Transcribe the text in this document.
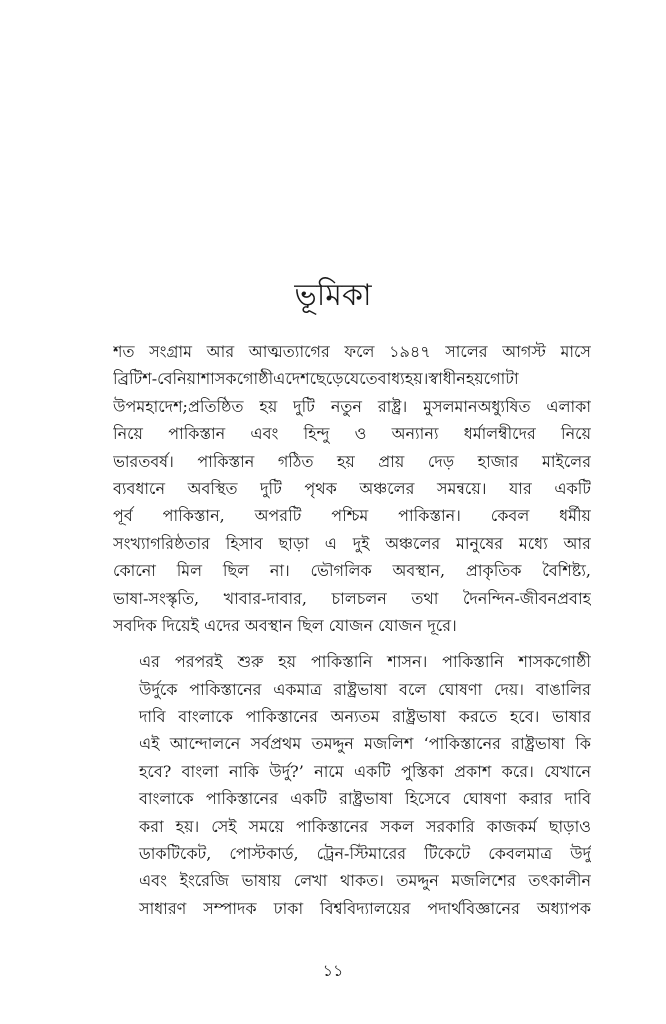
ভূমিকা

শত সংগ্রাম আর আত্মত্যাগের ফলে ১৯৪৭ সালের আগস্ট মাসে
ব্রিটিশ-বেনিয়াশাসকগোষ্ঠীএদেশছেড়েযেতেবাধ্যহয়।স্বাধীনহয়গোটা
উপমহাদেশ;প্রতিষ্ঠিত হয় দুটি নতুন রাষ্ট্র। মুসলমানঅধ্যুষিত এলাকা
নিয়ে পাকিস্তান এবং হিন্দু ও অন্যান্য ধর্মালম্বীদের নিয়ে
ভারতবর্ষ। পাকিস্তান গঠিত হয় প্রায় দেড় হাজার মাইলের
ব্যবধানে অবস্থিত দুটি পৃথক অঞ্চলের সমন্বয়ে। যার একটি
পূর্ব পাকিস্তান, অপরটি পশ্চিম পাকিস্তান। কেবল ধর্মীয়
সংখ্যাগরিষ্ঠতার হিসাব ছাড়া এ দুই অঞ্চলের মানুষের মধ্যে আর
কোনো মিল ছিল না। ভৌগলিক অবস্থান, প্রাকৃতিক বৈশিষ্ট্য,
ভাষা-সংস্কৃতি, খাবার-দাবার, চালচলন তথা দৈনন্দিন-জীবনপ্রবাহ
সবদিক দিয়েই এদের অবস্থান ছিল যোজন যোজন দূরে।

এর পরপরই শুরু হয় পাকিস্তানি শাসন। পাকিস্তানি শাসকগোষ্ঠী
উর্দুকে পাকিস্তানের একমাত্র রাষ্ট্রভাষা বলে ঘোষণা দেয়। বাঙালির
দাবি বাংলাকে পাকিস্তানের অন্যতম রাষ্ট্রভাষা করতে হবে। ভাষার
এই আন্দোলনে সর্বপ্রথম তমদ্দুন মজলিশ ‘পাকিস্তানের রাষ্ট্রভাষা কি
হবে? বাংলা নাকি উর্দু?’ নামে একটি পুস্তিকা প্রকাশ করে। যেখানে
বাংলাকে পাকিস্তানের একটি রাষ্ট্রভাষা হিসেবে ঘোষণা করার দাবি
করা হয়। সেই সময়ে পাকিস্তানের সকল সরকারি কাজকর্ম ছাড়াও
ডাকটিকেট, পোস্টকার্ড, ট্রেন-স্টিমারের টিকেটে কেবলমাত্র উর্দু
এবং ইংরেজি ভাষায় লেখা থাকত। তমদ্দুন মজলিশের তৎকালীন
সাধারণ সম্পাদক ঢাকা বিশ্ববিদ্যালয়ের পদার্থবিজ্ঞানের অধ্যাপক

১১
